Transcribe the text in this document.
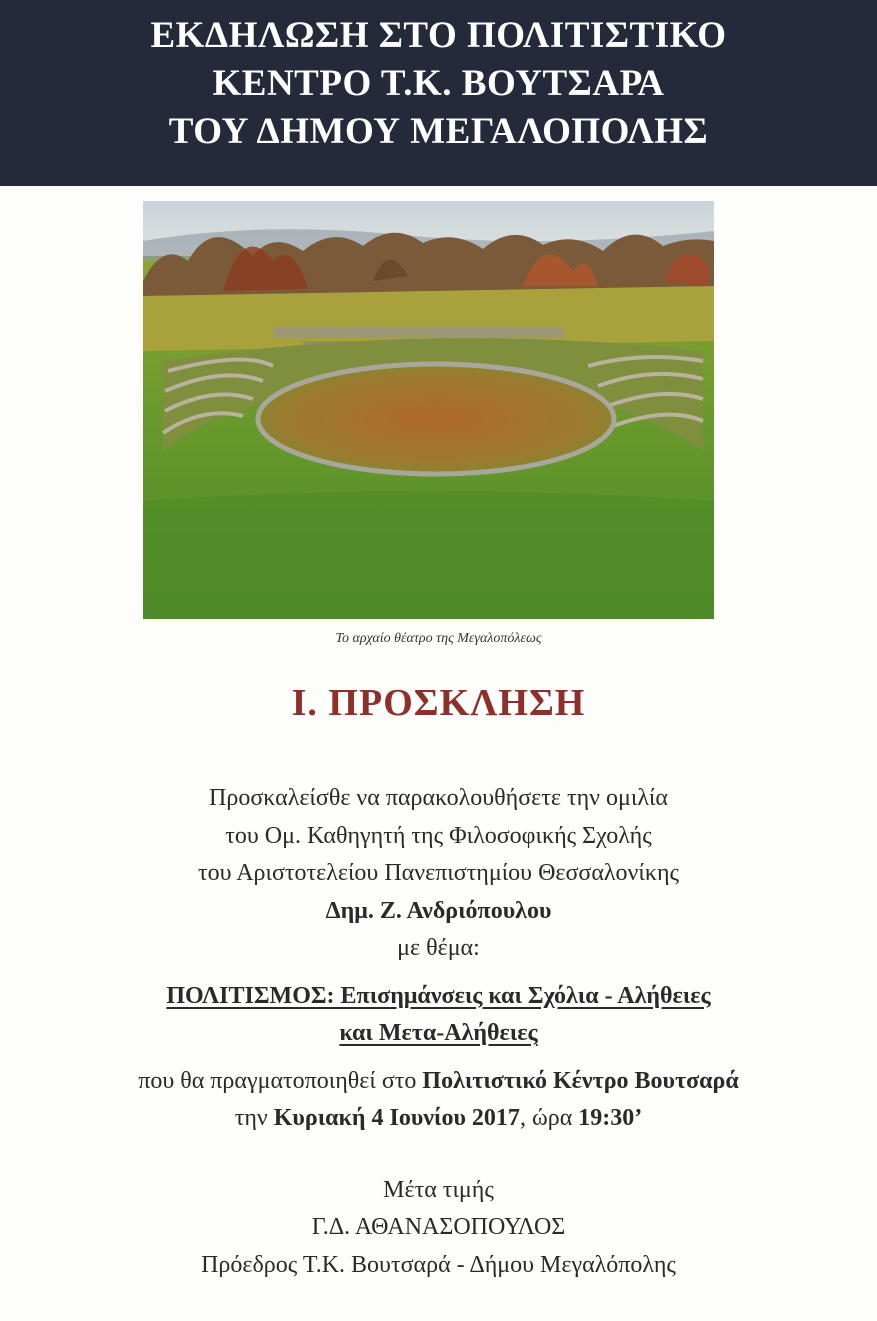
ΕΚΔΗΛΩΣΗ ΣΤΟ ΠΟΛΙΤΙΣΤΙΚΟ
ΚΕΝΤΡΟ Τ.Κ. ΒΟΥΤΣΑΡΑ
ΤΟΥ ΔΗΜΟΥ ΜΕΓΑΛΟΠΟΛΗΣ
Το αρχαίο θέατρο της Μεγαλοπόλεως
Ι. ΠΡΟΣΚΛΗΣΗ
Προσκαλείσθε να παρακολουθήσετε την ομιλία
του Ομ. Καθηγητή της Φιλοσοφικής Σχολής
του Αριστοτελείου Πανεπιστημίου Θεσσαλονίκης
Δημ. Ζ. Ανδριόπουλου
με θέμα:
ΠΟΛΙΤΙΣΜΟΣ: Επισημάνσεις και Σχόλια - Αλήθειες
και Μετα-Αλήθειες
που θα πραγματοποιηθεί στο Πολιτιστικό Κέντρο Βουτσαρά
την Κυριακή 4 Ιουνίου 2017, ώρα 19:30’
Μέτα τιμής
Γ.Δ. ΑΘΑΝΑΣΟΠΟΥΛΟΣ
Πρόεδρος Τ.Κ. Βουτσαρά - Δήμου Μεγαλόπολης
